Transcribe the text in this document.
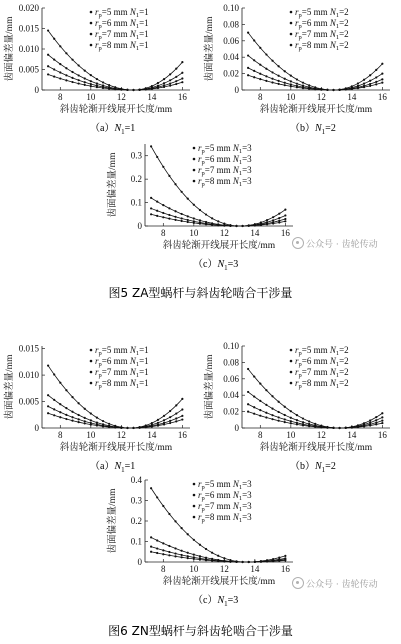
0
0.005
0.010
0.015
0.020
8	10 12 14 16
斜齿轮渐开线展开长度/mm
齿面偏差量/mm
$r_p=5$ mm $N_1=1$
$r_p=6$ mm $N_1=1$
$r_p=7$ mm $N_1=1$
$r_p=8$ mm $N_1=1$
$(a)N_1=1$
0
0.02
0.04
0.06
0.08
0.10
8	10 12 14 16
斜齿轮渐开线展开长度/mm
齿面偏差量/mm
$r_p=5$ mm $N_1=2$
$r_p=6$ mm $N_1=2$
$r_p=7$ mm $N_1=2$
$r_p=8$ mm $N_1=2$
$(b)N_1=2$
0
0.1
0.2
0.3
8	10 12 14 16
斜齿轮渐开线展开长度/mm
齿面偏差量/mm
$r_p=5$ mm $N_1=3$
$r_p=6$ mm $N_1=3$
$r_p=7$ mm $N_1=3$
$r_p=8$ mm $N_1=3$
$(c)N_1=3$
公众号 · 齿轮传动
图5 ZA型蜗杆与斜齿轮啮合干涉量
0
0.005
0.010
0.015
8	10 12 14 16
斜齿轮渐开线展开长度/mm
齿面偏差量/mm
$r_p=5$ mm $N_1=1$
$r_p=6$ mm $N_1=1$
$r_p=7$ mm $N_1=1$
$r_p=8$ mm $N_1=1$
$(a)N_1=1$
0
0.02
0.04
0.06
0.08
0.10
8	10 12 14 16
斜齿轮渐开线展开长度/mm
齿面偏差量/mm
$r_p=5$ mm $N_1=2$
$r_p=6$ mm $N_1=2$
$r_p=7$ mm $N_1=2$
$r_p=8$ mm $N_1=2$
$(b)N_1=2$
0
0.1
0.2
0.3
0.4
8	10 12 14 16
斜齿轮渐开线展开长度/mm
齿面偏差量/mm
$r_p=5$ mm $N_1=3$
$r_p=6$ mm $N_1=3$
$r_p=7$ mm $N_1=3$
$r_p=8$ mm $N_1=3$
$(c)N_1=3$
公众号 · 齿轮传动
图6 ZN型蜗杆与斜齿轮啮合干涉量
